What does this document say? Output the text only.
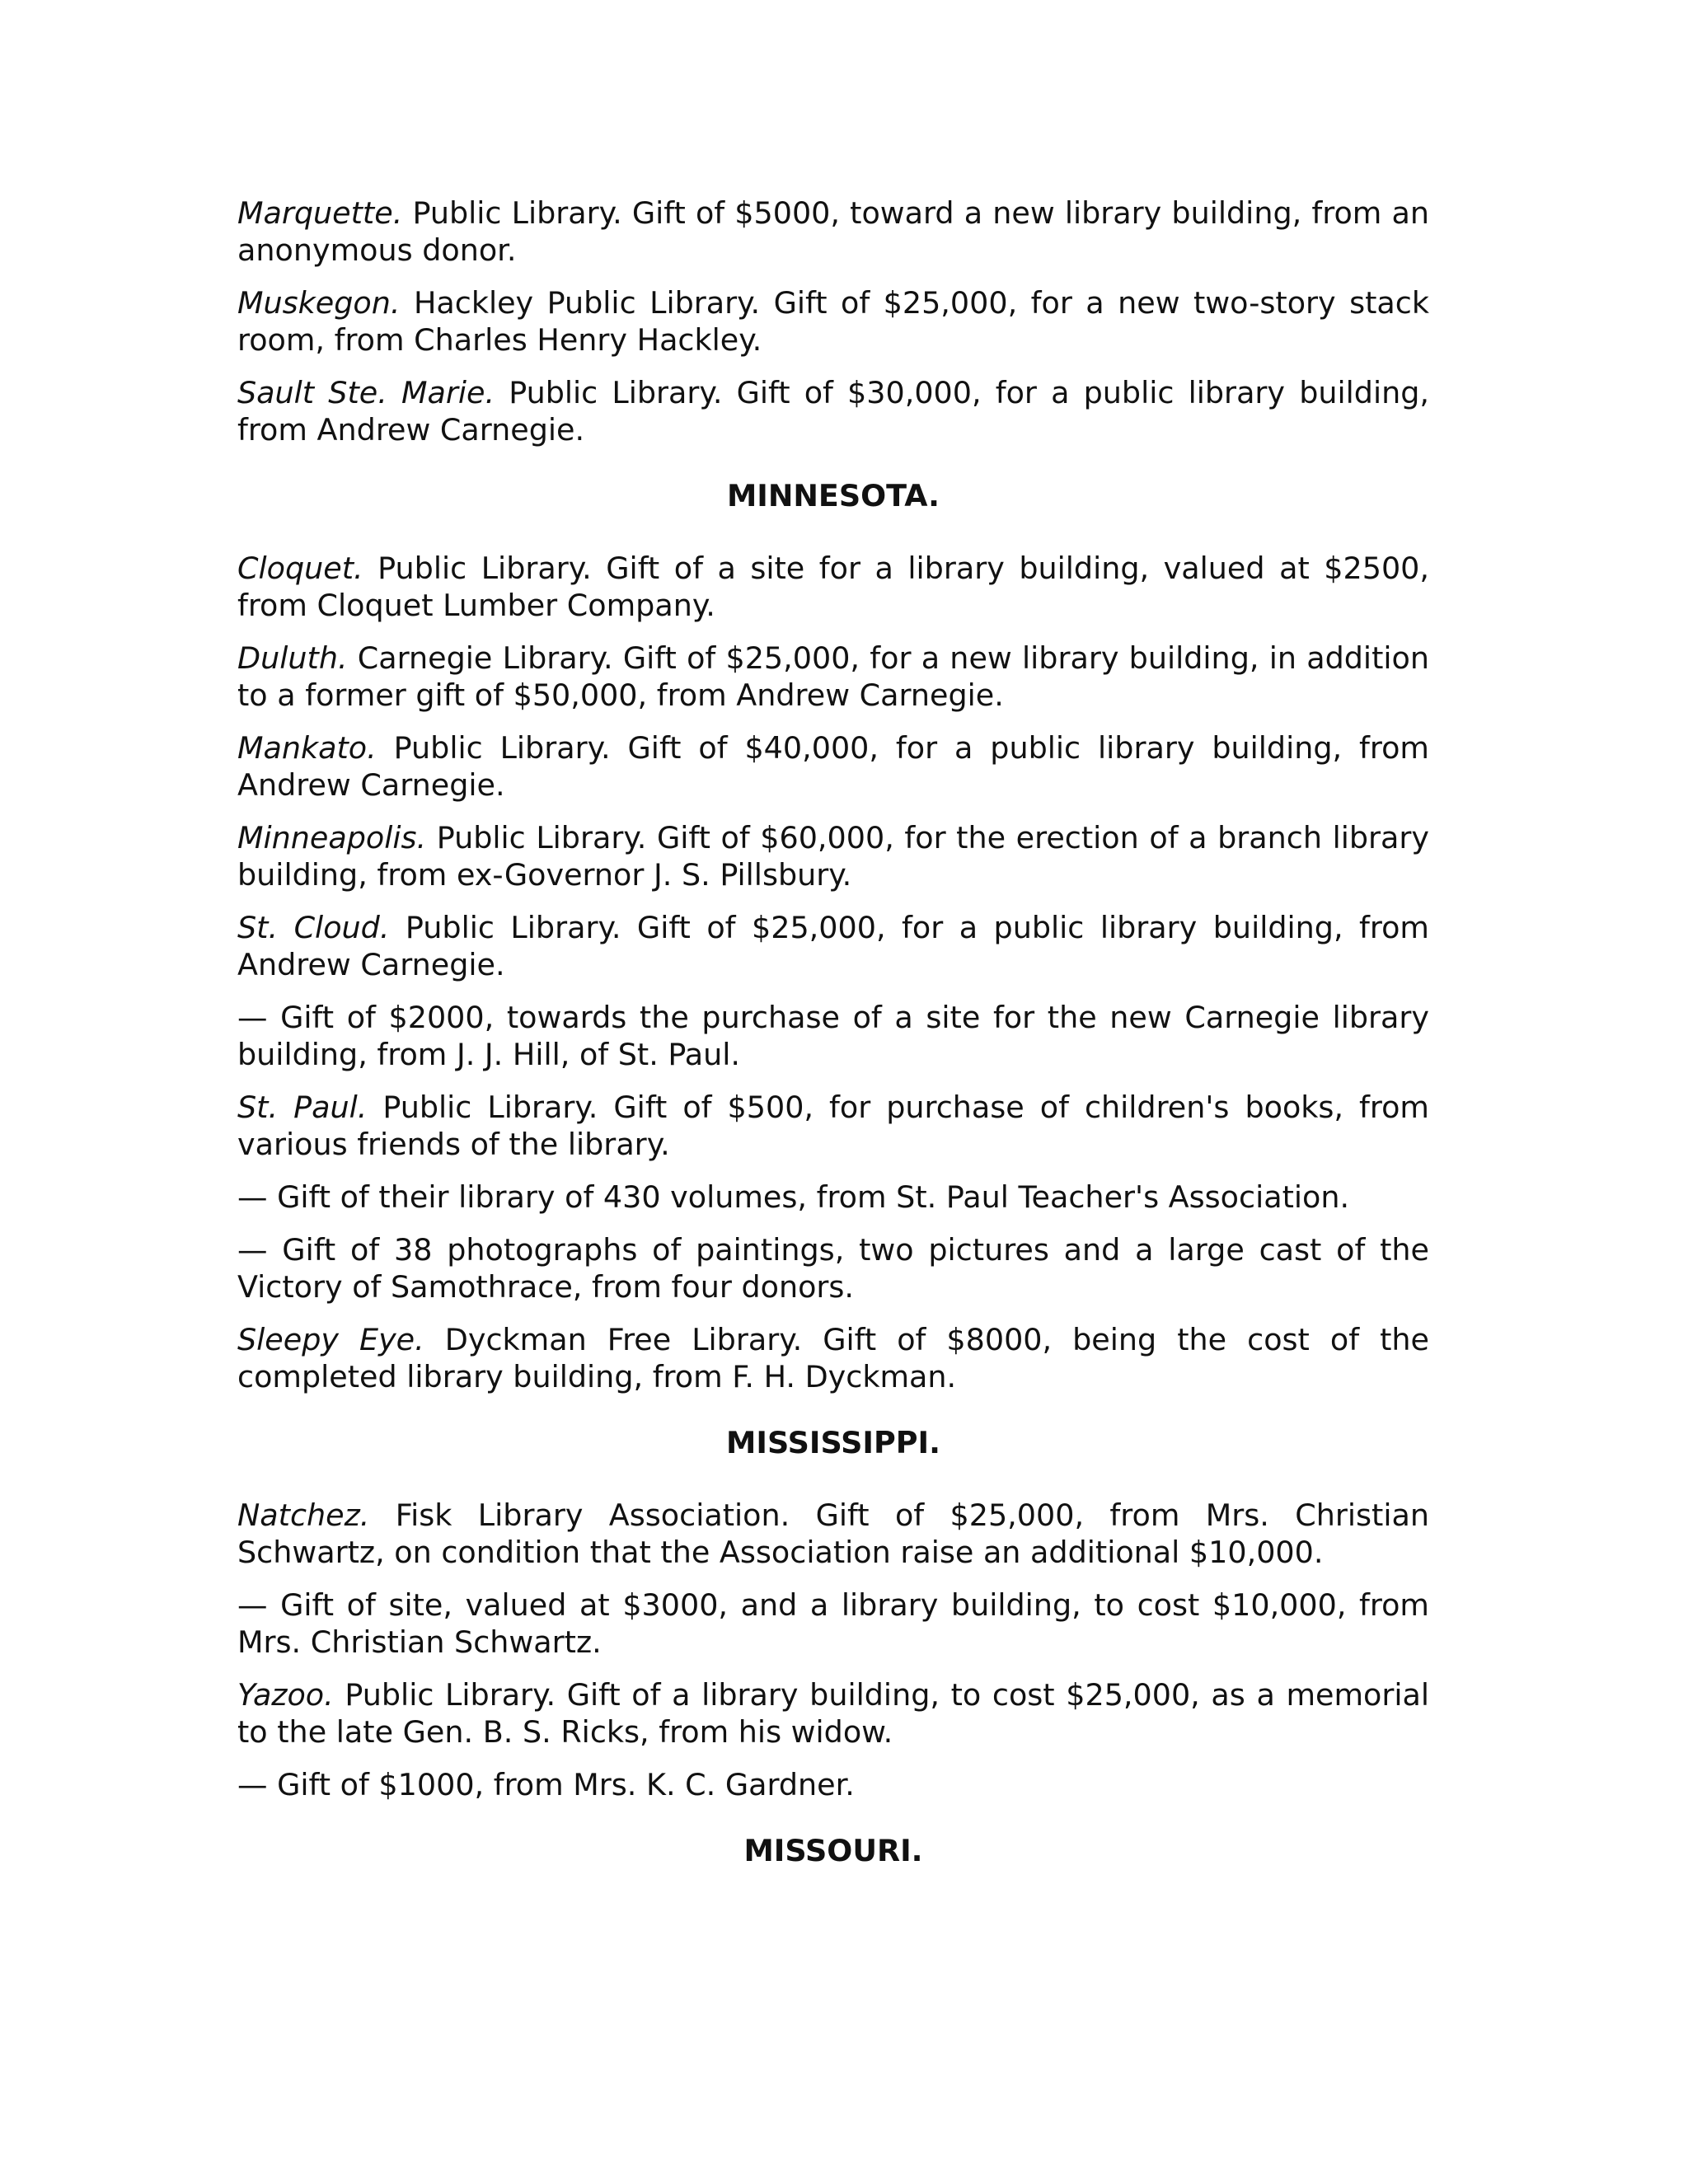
Marquette. Public Library. Gift of $5000, toward a new library building, from an anonymous donor.

Muskegon. Hackley Public Library. Gift of $25,000, for a new two-story stack room, from Charles Henry Hackley.

Sault Ste. Marie. Public Library. Gift of $30,000, for a public library building, from Andrew Carnegie.

MINNESOTA.

Cloquet. Public Library. Gift of a site for a library building, valued at $2500, from Cloquet Lumber Company.

Duluth. Carnegie Library. Gift of $25,000, for a new library building, in addition to a former gift of $50,000, from Andrew Carnegie.

Mankato. Public Library. Gift of $40,000, for a public library building, from Andrew Carnegie.

Minneapolis. Public Library. Gift of $60,000, for the erection of a branch library building, from ex-Governor J. S. Pillsbury.

St. Cloud. Public Library. Gift of $25,000, for a public library building, from Andrew Carnegie.

— Gift of $2000, towards the purchase of a site for the new Carnegie library building, from J. J. Hill, of St. Paul.

St. Paul. Public Library. Gift of $500, for purchase of children's books, from various friends of the library.

— Gift of their library of 430 volumes, from St. Paul Teacher's Association.

— Gift of 38 photographs of paintings, two pictures and a large cast of the Victory of Samothrace, from four donors.

Sleepy Eye. Dyckman Free Library. Gift of $8000, being the cost of the completed library building, from F. H. Dyckman.

MISSISSIPPI.

Natchez. Fisk Library Association. Gift of $25,000, from Mrs. Christian Schwartz, on condition that the Association raise an additional $10,000.

— Gift of site, valued at $3000, and a library building, to cost $10,000, from Mrs. Christian Schwartz.

Yazoo. Public Library. Gift of a library building, to cost $25,000, as a memorial to the late Gen. B. S. Ricks, from his widow.

— Gift of $1000, from Mrs. K. C. Gardner.

MISSOURI.
